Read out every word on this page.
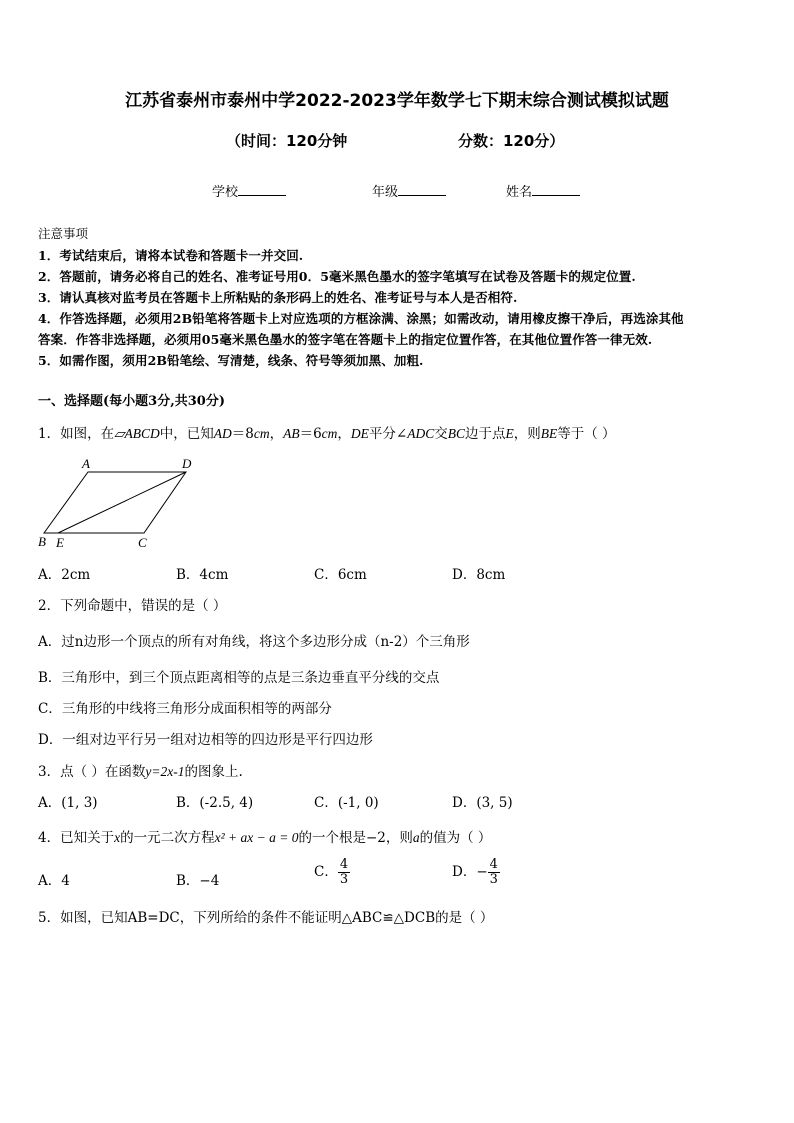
江苏省泰州市泰州中学2022-2023学年数学七下期末综合测试模拟试题
（时间：120分钟	分数：120分）
学校	年级	姓名
注意事项
1．考试结束后，请将本试卷和答题卡一并交回.
2．答题前，请务必将自己的姓名、准考证号用0．5毫米黑色墨水的签字笔填写在试卷及答题卡的规定位置.
3．请认真核对监考员在答题卡上所粘贴的条形码上的姓名、准考证号与本人是否相符.
4．作答选择题，必须用2B铅笔将答题卡上对应选项的方框涂满、涂黑；如需改动，请用橡皮擦干净后，再选涂其他
答案．作答非选择题，必须用05毫米黑色墨水的签字笔在答题卡上的指定位置作答，在其他位置作答一律无效.
5．如需作图，须用2B铅笔绘、写清楚，线条、符号等须加黑、加粗.
一、选择题(每小题3分,共30分)
1．如图，在▱ABCD中，已知AD＝8cm，AB＝6cm，DE平分∠ADC交BC边于点E，则BE等于（ ）
A	D
B E	C
A．2cm	B．4cm	C．6cm	D．8cm
2．下列命题中，错误的是（ ）
A．过n边形一个顶点的所有对角线，将这个多边形分成（n-2）个三角形
B．三角形中，到三个顶点距离相等的点是三条边垂直平分线的交点
C．三角形的中线将三角形分成面积相等的两部分
D．一组对边平行另一组对边相等的四边形是平行四边形
3．点（ ）在函数y=2x-1的图象上.
A．(1, 3)	B．(-2.5, 4)	C．(-1, 0)	D．(3, 5)
4．已知关于x的一元二次方程x² + ax − a = 0的一个根是−2，则a的值为（ ）
A．4	B．−4
C． $\frac{4}{3}$	D．− $\frac{4}{3}$
5．如图，已知AB=DC，下列所给的条件不能证明△ABC≌△DCB的是（ ）
